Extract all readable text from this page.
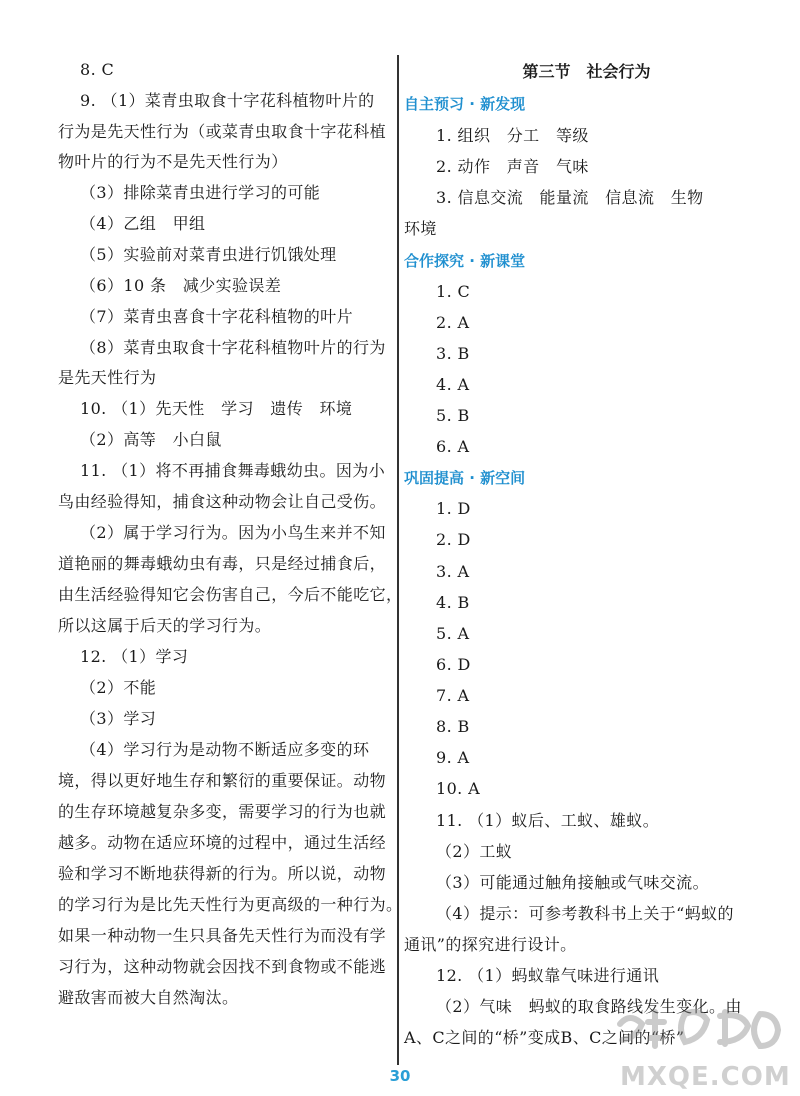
8. C
9. （1）菜青虫取食十字花科植物叶片的
行为是先天性行为（或菜青虫取食十字花科植
物叶片的行为不是先天性行为）
（3）排除菜青虫进行学习的可能
（4）乙组　甲组
（5）实验前对菜青虫进行饥饿处理
（6）10 条　减少实验误差
（7）菜青虫喜食十字花科植物的叶片
（8）菜青虫取食十字花科植物叶片的行为
是先天性行为
10. （1）先天性　学习　遗传　环境
（2）高等　小白鼠
11. （1）将不再捕食舞毒蛾幼虫。因为小
鸟由经验得知，捕食这种动物会让自己受伤。
（2）属于学习行为。因为小鸟生来并不知
道艳丽的舞毒蛾幼虫有毒，只是经过捕食后，
由生活经验得知它会伤害自己，今后不能吃它，
所以这属于后天的学习行为。
12. （1）学习
（2）不能
（3）学习
（4）学习行为是动物不断适应多变的环
境，得以更好地生存和繁衍的重要保证。动物
的生存环境越复杂多变，需要学习的行为也就
越多。动物在适应环境的过程中，通过生活经
验和学习不断地获得新的行为。所以说，动物
的学习行为是比先天性行为更高级的一种行为。
如果一种动物一生只具备先天性行为而没有学
习行为，这种动物就会因找不到食物或不能逃
避敌害而被大自然淘汰。
第三节　社会行为
自主预习 · 新发现
1. 组织　分工　等级
2. 动作　声音　气味
3. 信息交流　能量流　信息流　生物
环境
合作探究 · 新课堂
1. C
2. A
3. B
4. A
5. B
6. A
巩固提高 · 新空间
1. D
2. D
3. A
4. B
5. A
6. D
7. A
8. B
9. A
10. A
11. （1）蚁后、工蚁、雄蚁。
（2）工蚁
（3）可能通过触角接触或气味交流。
（4）提示：可参考教科书上关于“蚂蚁的
通讯”的探究进行设计。
12. （1）蚂蚁靠气味进行通讯
（2）气味　蚂蚁的取食路线发生变化。由
A、C之间的“桥”变成B、C之间的“桥”
MXQE.COM
30
